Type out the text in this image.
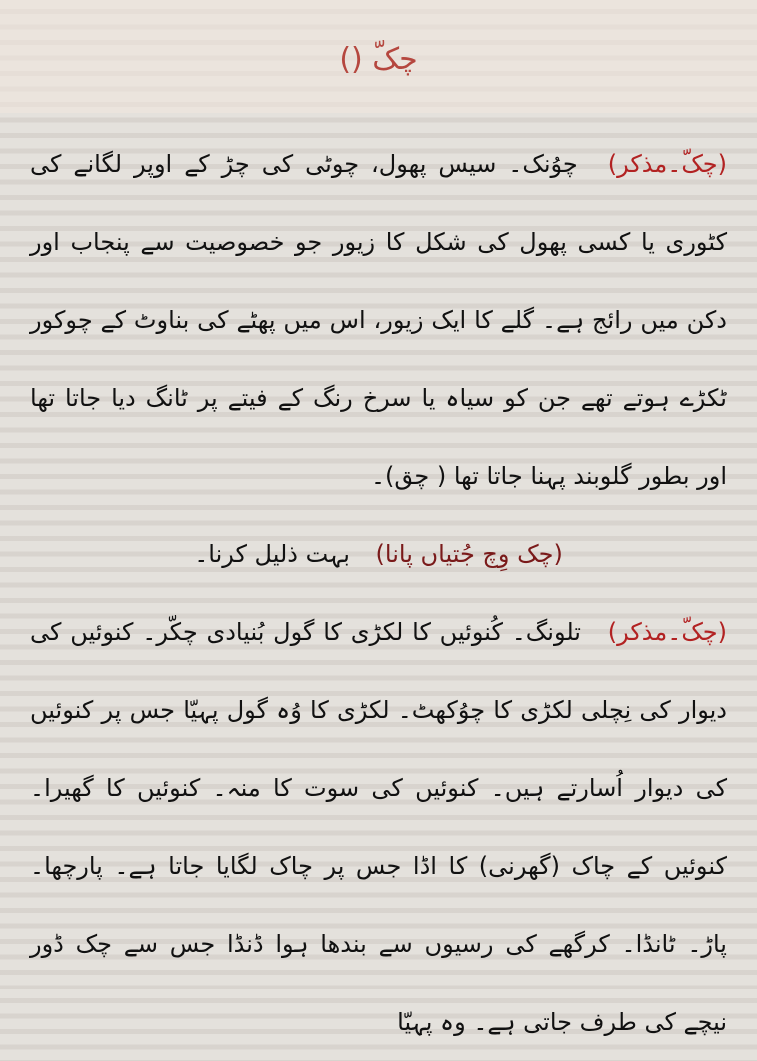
چکّ ()

(چکّ۔مذکر) چوُنک۔ سیس پھول، چوٹی کی چڑ کے اوپر لگانے کی کٹوری یا کسی پھول کی شکل کا زیور جو خصوصیت سے پنجاب اور دکن میں رائج ہے۔ گلے کا ایک زیور، اس میں پھٹے کی بناوٹ کے چوکور ٹکڑے ہوتے تھے جن کو سیاہ یا سرخ رنگ کے فیتے پر ٹانگ دیا جاتا تھا اور بطور گلوبند پہنا جاتا تھا ( چق)۔

(چک وِچ جُتیاں پانا) بہت ذلیل کرنا۔

(چکّ۔مذکر) تلونگ۔ کُنوئیں کا لکڑی کا گول بُنیادی چکّر۔ کنوئیں کی دیوار کی نِچلی لکڑی کا چوُکھٹ۔ لکڑی کا وُہ گول پہیّا جس پر کنوئیں کی دیوار اُسارتے ہیں۔ کنوئیں کی سوت کا منہ۔ کنوئیں کا گھیرا۔ کنوئیں کے چاک (گھرنی) کا اڈا جس پر چاک لگایا جاتا ہے۔ پارچھا۔ پاڑ۔ ٹانڈا۔ کرگھے کی رسیوں سے بندھا ہوا ڈنڈا جس سے چک ڈور نیچے کی طرف جاتی ہے۔ وہ پہیّا
